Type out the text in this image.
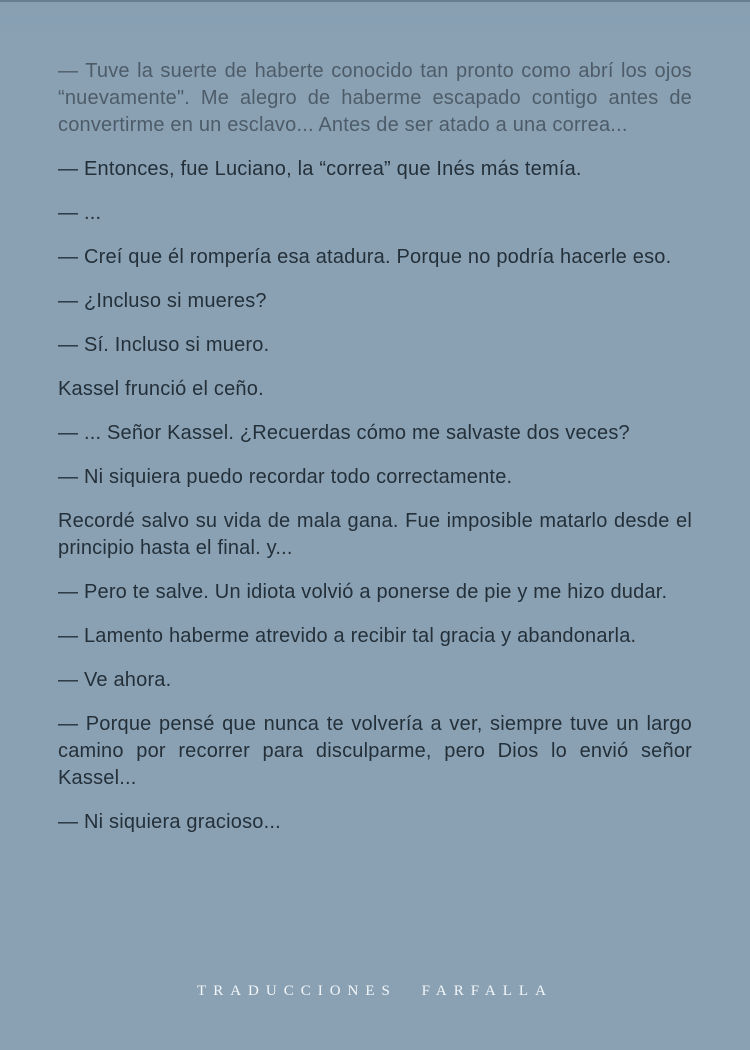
— Tuve la suerte de haberte conocido tan pronto como abrí los ojos “nuevamente". Me alegro de haberme escapado contigo antes de convertirme en un esclavo... Antes de ser atado a una correa...

— Entonces, fue Luciano, la “correa” que Inés más temía.

— ...

— Creí que él rompería esa atadura. Porque no podría hacerle eso.

— ¿Incluso si mueres?

— Sí. Incluso si muero.

Kassel frunció el ceño.

— ... Señor Kassel. ¿Recuerdas cómo me salvaste dos veces?

— Ni siquiera puedo recordar todo correctamente.

Recordé salvo su vida de mala gana. Fue imposible matarlo desde el principio hasta el final. y...

— Pero te salve. Un idiota volvió a ponerse de pie y me hizo dudar.

— Lamento haberme atrevido a recibir tal gracia y abandonarla.

— Ve ahora.

— Porque pensé que nunca te volvería a ver, siempre tuve un largo camino por recorrer para disculparme, pero Dios lo envió señor Kassel...

— Ni siquiera gracioso...

TRADUCCIONES FARFALLA
